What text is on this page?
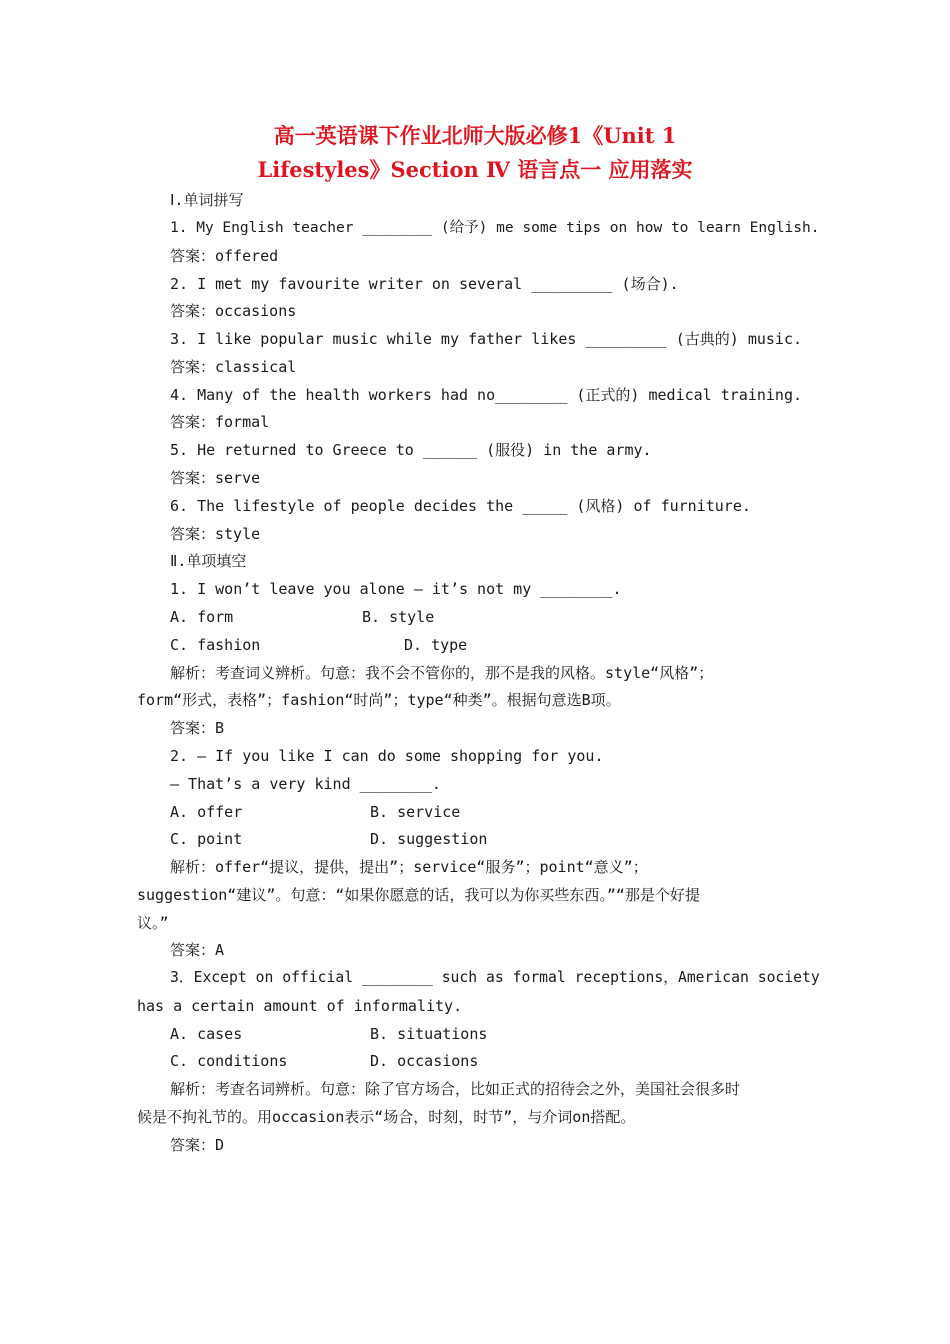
高一英语课下作业北师大版必修1《Unit 1
Lifestyles》Section Ⅳ 语言点一 应用落实
Ⅰ.单词拼写
1. My English teacher ________ (给予) me some tips on how to learn English.
答案：offered
2. I met my favourite writer on several _________ (场合).
答案：occasions
3. I like popular music while my father likes _________ (古典的) music.
答案：classical
4. Many of the health workers had no________ (正式的) medical training.
答案：formal
5. He returned to Greece to ______ (服役) in the army.
答案：serve
6. The lifestyle of people decides the _____ (风格) of furniture.
答案：style
Ⅱ.单项填空
1. I won’t leave you alone — it’s not my ________.
A. form	B. style
C. fashion	D. type
解析：考查词义辨析。句意：我不会不管你的，那不是我的风格。style“风格”；
form“形式，表格”；fashion“时尚”；type“种类”。根据句意选B项。
答案：B
2. — If you like I can do some shopping for you.
— That’s a very kind ________.
A. offer	B. service
C. point	D. suggestion
解析：offer“提议，提供，提出”；service“服务”；point“意义”；
suggestion“建议”。句意：“如果你愿意的话，我可以为你买些东西。”“那是个好提
议。”
答案：A
3．Except on official ________ such as formal receptions，American society
has a certain amount of informality.
A. cases	B. situations
C. conditions	D. occasions
解析：考查名词辨析。句意：除了官方场合，比如正式的招待会之外，美国社会很多时
候是不拘礼节的。用occasion表示“场合，时刻，时节”，与介词on搭配。
答案：D
